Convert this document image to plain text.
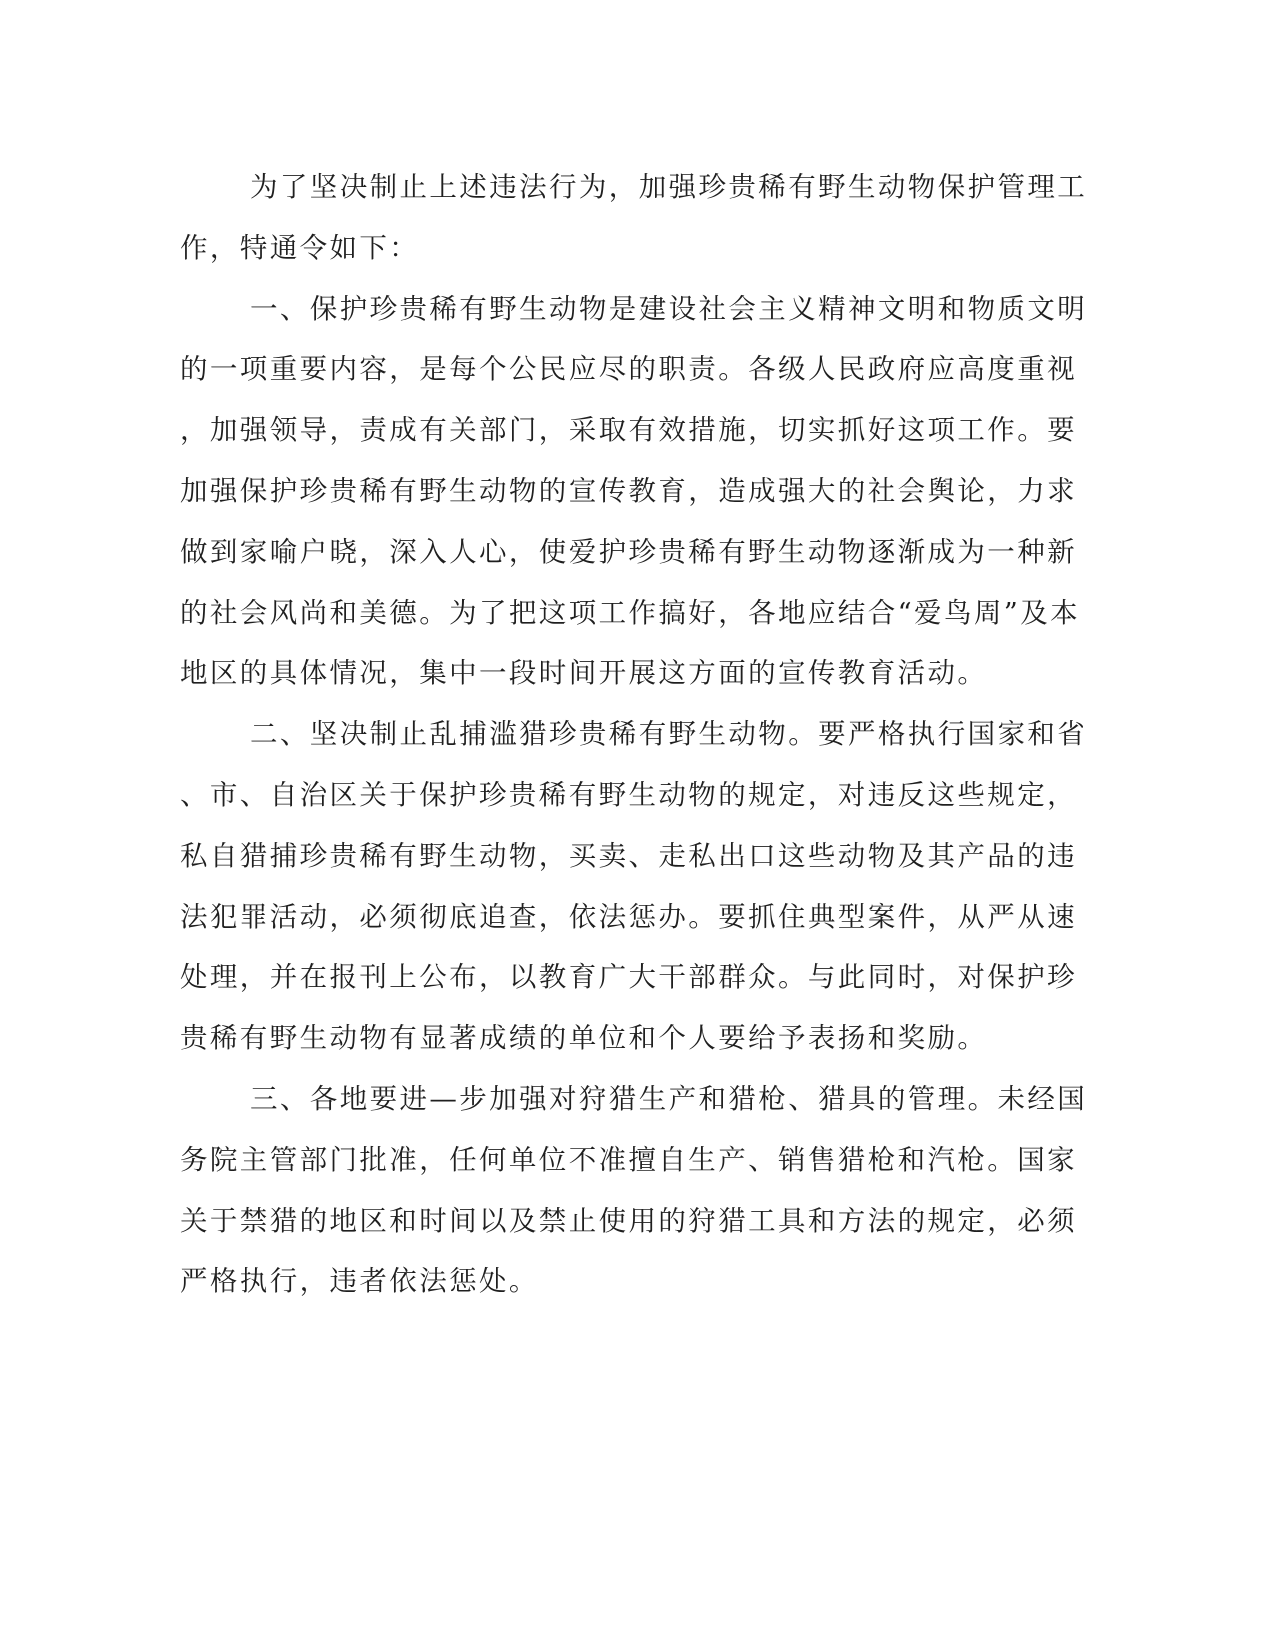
为了坚决制止上述违法行为，加强珍贵稀有野生动物保护管理工
作，特通令如下：
一、保护珍贵稀有野生动物是建设社会主义精神文明和物质文明
的一项重要内容，是每个公民应尽的职责。各级人民政府应高度重视
，加强领导，责成有关部门，采取有效措施，切实抓好这项工作。要
加强保护珍贵稀有野生动物的宣传教育，造成强大的社会舆论，力求
做到家喻户晓，深入人心，使爱护珍贵稀有野生动物逐渐成为一种新
的社会风尚和美德。为了把这项工作搞好，各地应结合“爱鸟周”及本
地区的具体情况，集中一段时间开展这方面的宣传教育活动。
二、坚决制止乱捕滥猎珍贵稀有野生动物。要严格执行国家和省
、市、自治区关于保护珍贵稀有野生动物的规定，对违反这些规定，
私自猎捕珍贵稀有野生动物，买卖、走私出口这些动物及其产品的违
法犯罪活动，必须彻底追查，依法惩办。要抓住典型案件，从严从速
处理，并在报刊上公布，以教育广大干部群众。与此同时，对保护珍
贵稀有野生动物有显著成绩的单位和个人要给予表扬和奖励。
三、各地要进—步加强对狩猎生产和猎枪、猎具的管理。未经国
务院主管部门批准，任何单位不准擅自生产、销售猎枪和汽枪。国家
关于禁猎的地区和时间以及禁止使用的狩猎工具和方法的规定，必须
严格执行，违者依法惩处。
